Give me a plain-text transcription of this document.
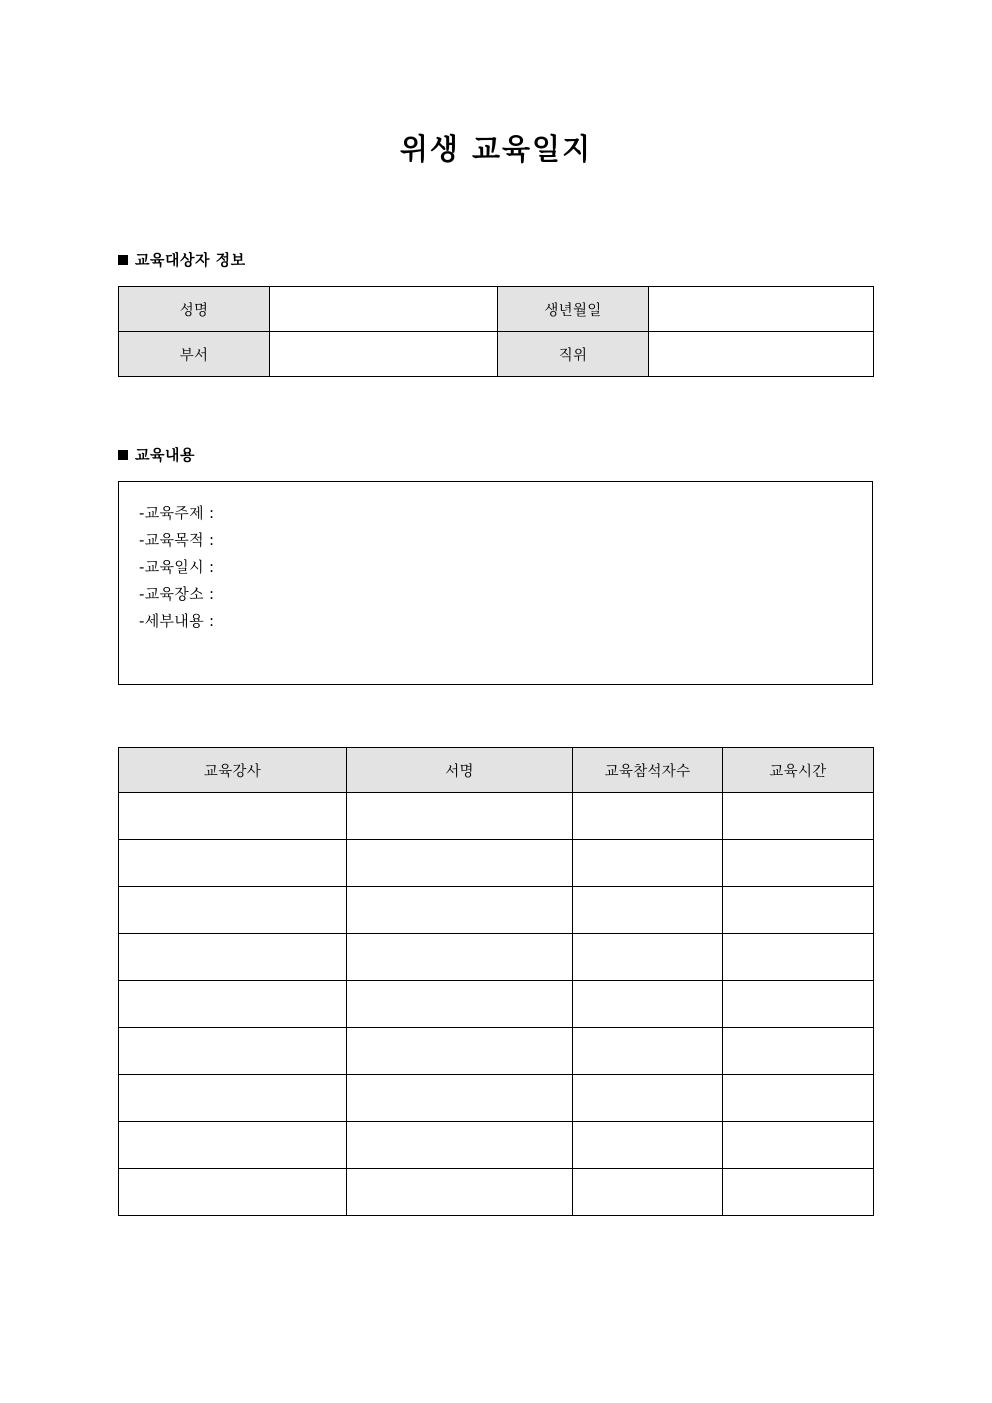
위생 교육일지
교육대상자 정보
성명		생년월일	
부서		직위	
교육내용
-교육주제 :
-교육목적 :
-교육일시 :
-교육장소 :
-세부내용 :
교육강사	서명	교육참석자수	교육시간
